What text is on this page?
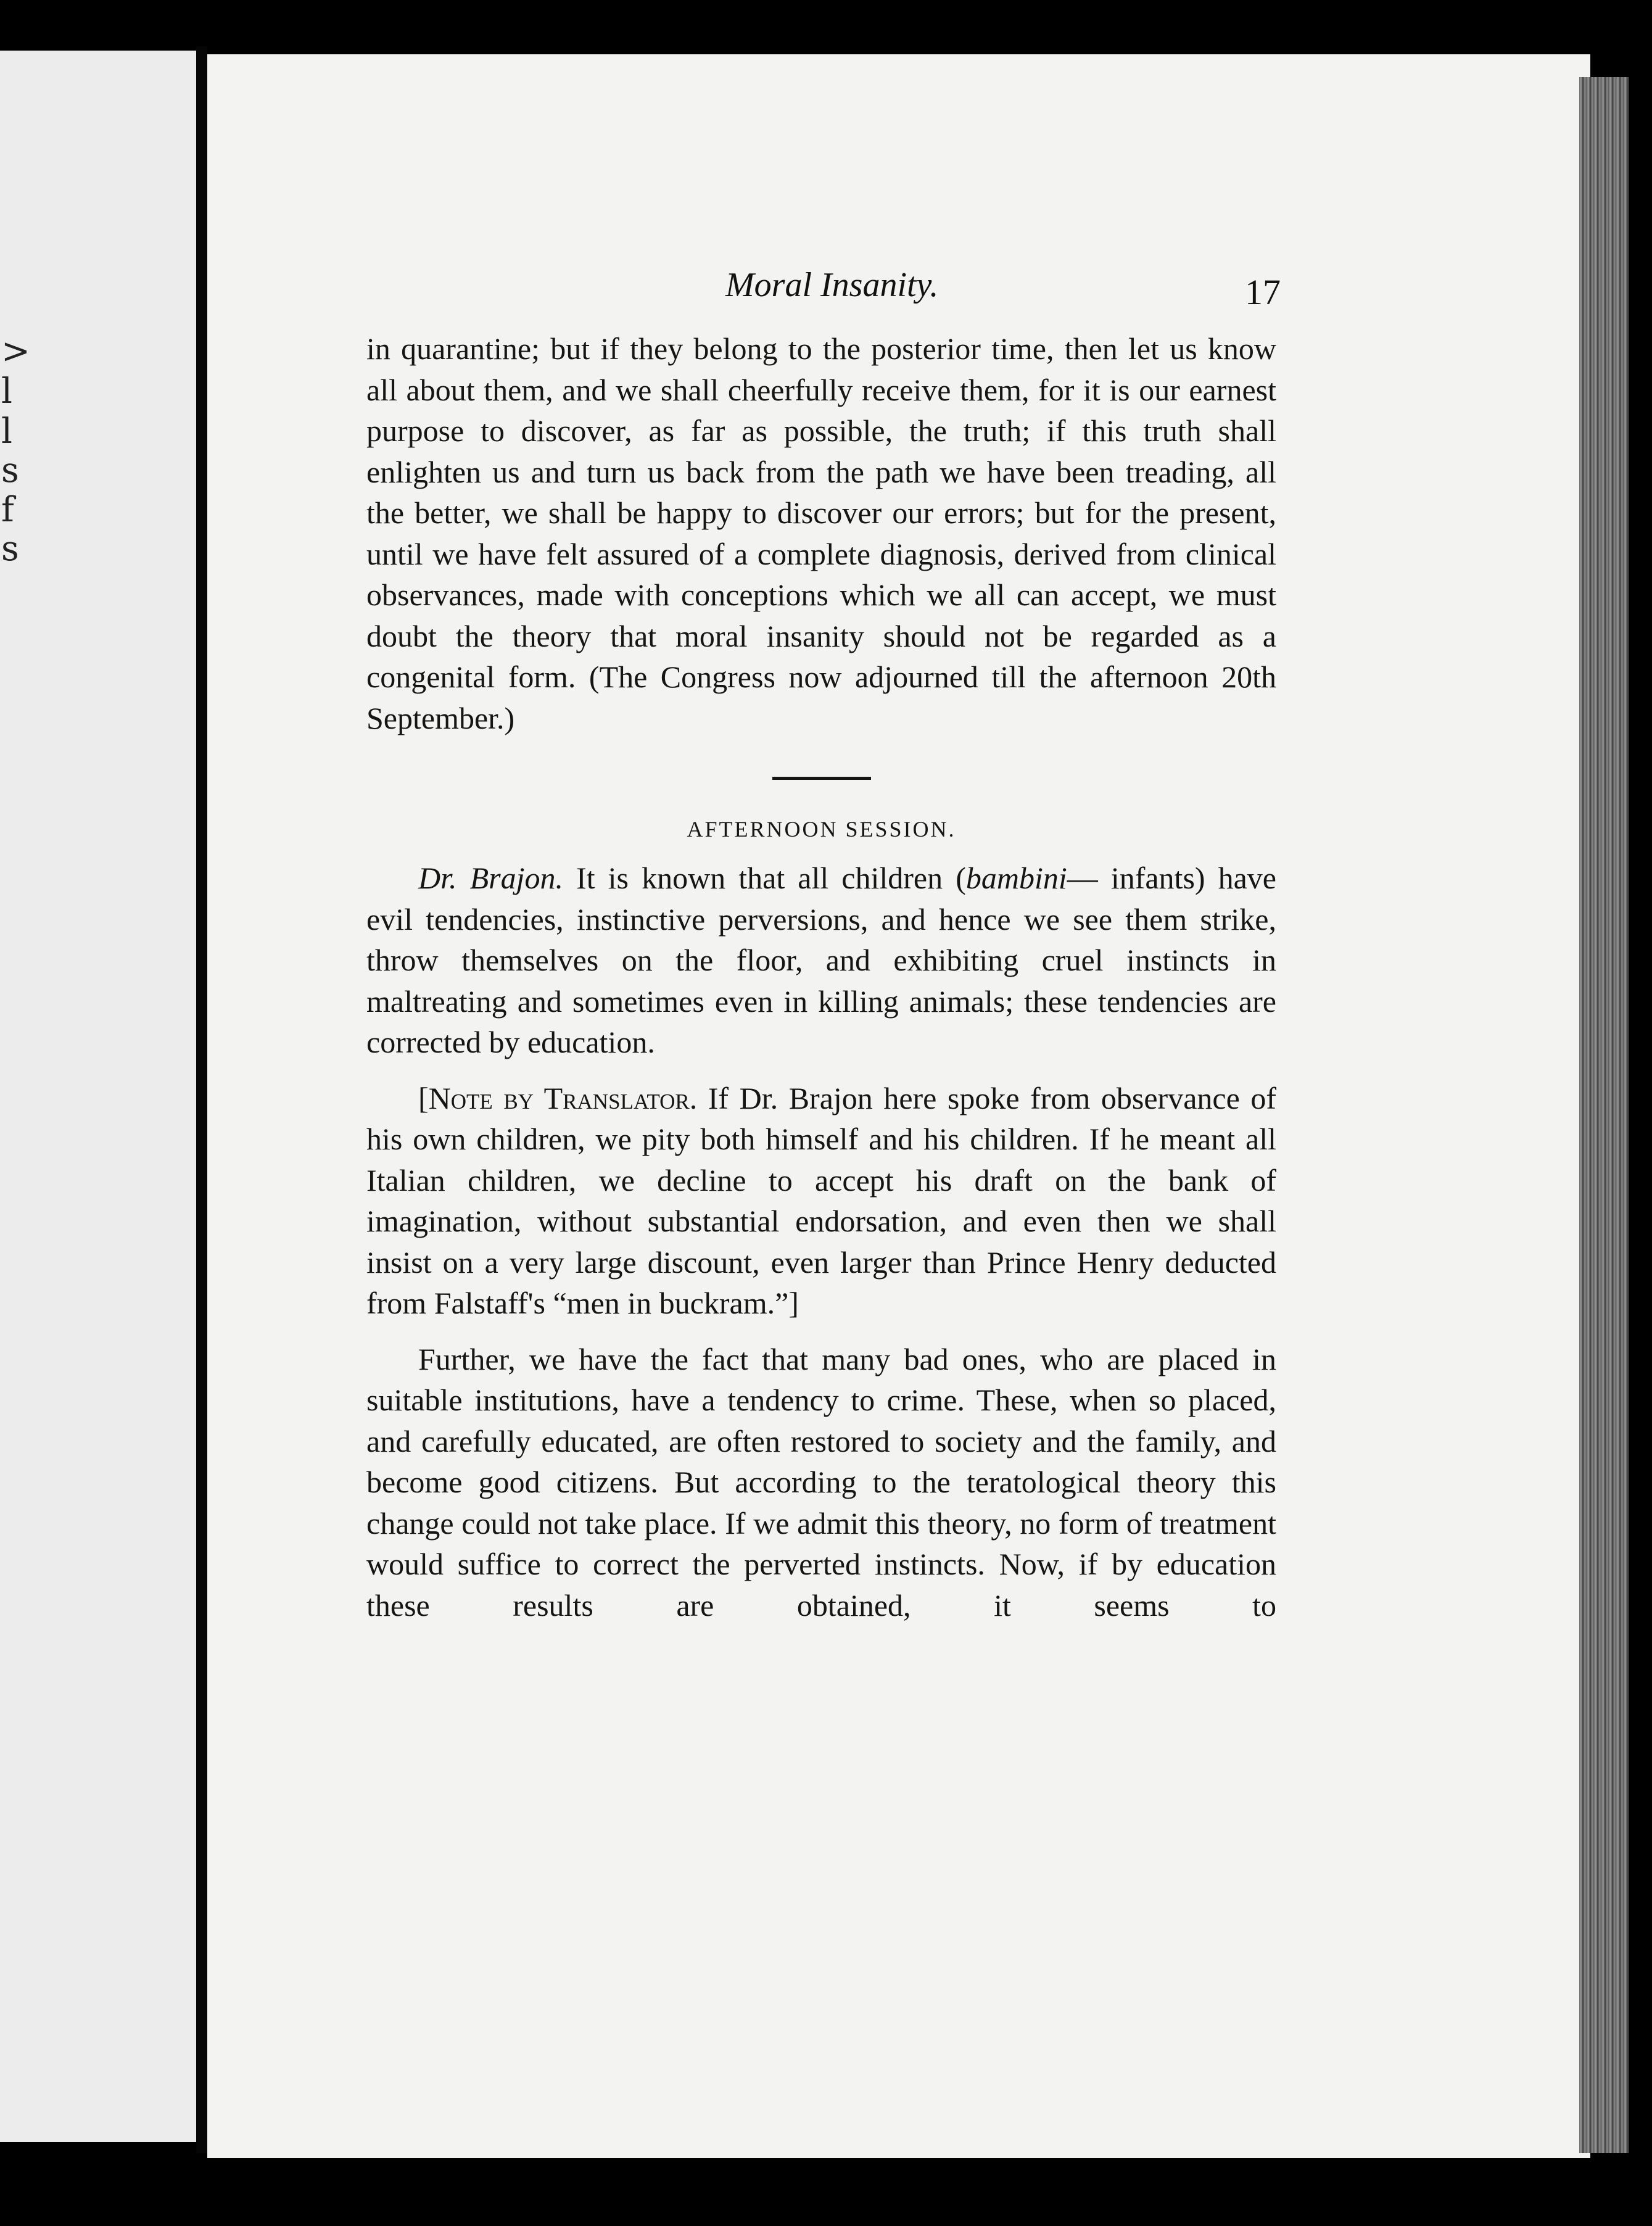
>
l
l
s
f
s
Moral Insanity.	17

in quarantine; but if they belong to the posterior time, then let us know all about them, and we shall cheerfully receive them, for it is our earnest purpose to discover, as far as possible, the truth; if this truth shall enlighten us and turn us back from the path we have been treading, all the better, we shall be happy to discover our errors; but for the present, until we have felt assured of a complete diagnosis, derived from clinical observances, made with conceptions which we all can accept, we must doubt the theory that moral insanity should not be regarded as a congenital form. (The Congress now adjourned till the afternoon 20th September.)

AFTERNOON SESSION.

Dr. Brajon. It is known that all children (bambini— infants) have evil tendencies, instinctive perversions, and hence we see them strike, throw themselves on the floor, and exhibiting cruel instincts in maltreating and sometimes even in killing animals; these tendencies are corrected by education.

[Note by Translator. If Dr. Brajon here spoke from observance of his own children, we pity both himself and his children. If he meant all Italian children, we decline to accept his draft on the bank of imagination, without substantial endorsation, and even then we shall insist on a very large discount, even larger than Prince Henry deducted from Falstaff's “men in buckram.”]

Further, we have the fact that many bad ones, who are placed in suitable institutions, have a tendency to crime. These, when so placed, and carefully educated, are often restored to society and the family, and become good citizens. But according to the teratological theory this change could not take place. If we admit this theory, no form of treatment would suffice to correct the perverted instincts. Now, if by education these results are obtained, it seems to
